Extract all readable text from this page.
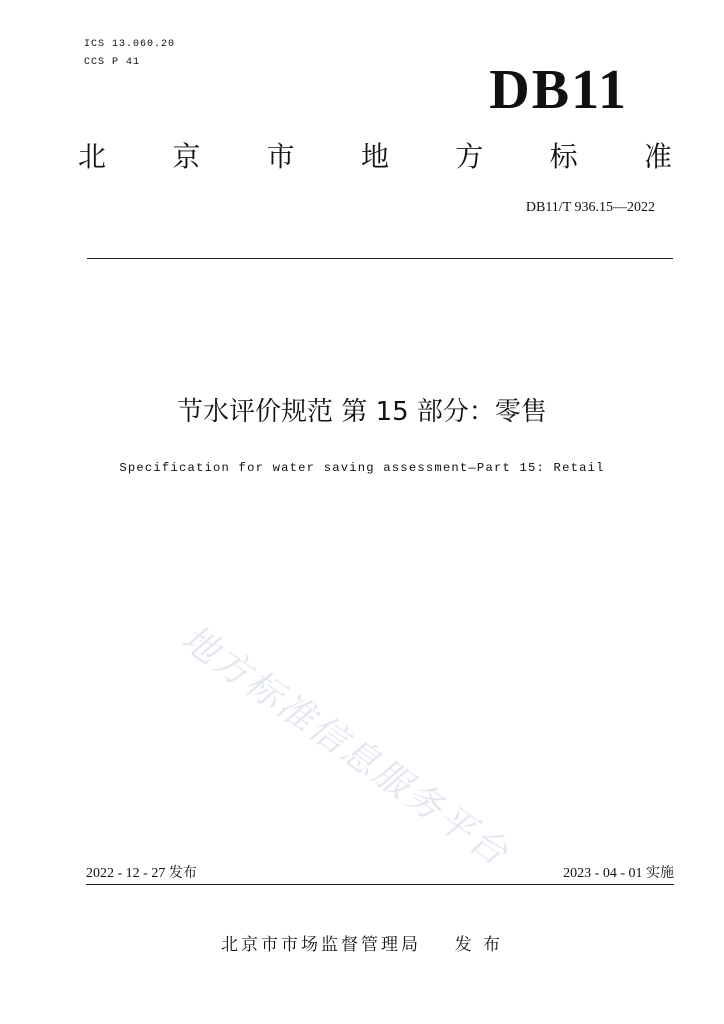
ICS 13.060.20
CCS P 41	DB11
北 京 市 地 方 标 准
DB11/T 936.15—2022
节水评价规范 第 15 部分：零售
Specification for water saving assessment—Part 15: Retail
地方标准信息服务平台
2022 - 12 - 27 发布	2023 - 04 - 01 实施
北京市市场监督管理局    发 布
